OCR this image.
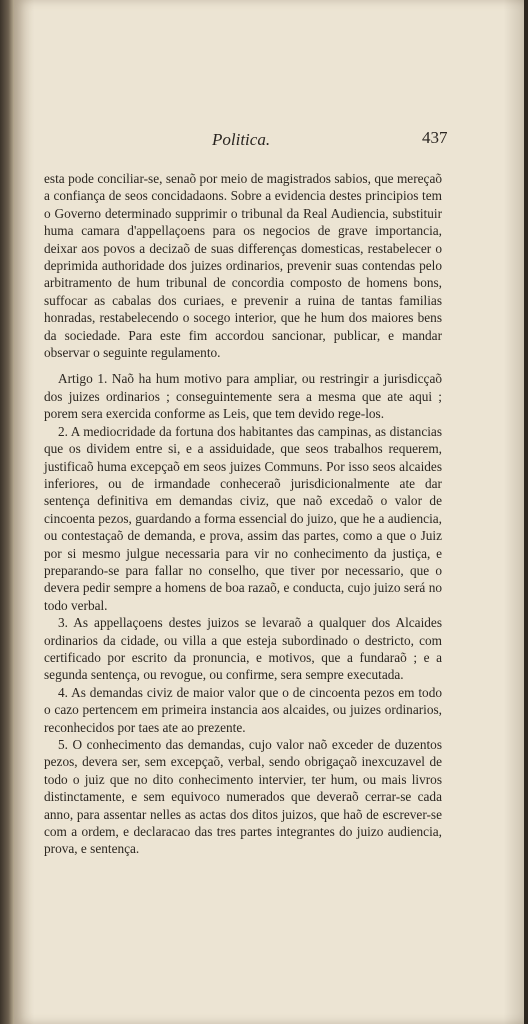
Politica.	437

esta pode conciliar-se, senaõ por meio de magistrados sabios, que mereçaõ a confiança de seos concidadaons. Sobre a evidencia destes principios tem o Governo determinado supprimir o tribunal da Real Audiencia, substituir huma camara d'appellaçoens para os negocios de grave importancia, deixar aos povos a decizaõ de suas differenças domesticas, restabelecer o deprimida authoridade dos juizes ordinarios, prevenir suas contendas pelo arbitramento de hum tribunal de concordia composto de homens bons, suffocar as cabalas dos curiaes, e prevenir a ruina de tantas familias honradas, restabelecendo o socego interior, que he hum dos maiores bens da sociedade. Para este fim accordou sancionar, publicar, e mandar observar o seguinte regulamento.

Artigo 1. Naõ ha hum motivo para ampliar, ou restringir a jurisdicçaõ dos juizes ordinarios ; conseguintemente sera a mesma que ate aqui ; porem sera exercida conforme as Leis, que tem devido rege-los.

2. A mediocridade da fortuna dos habitantes das campinas, as distancias que os dividem entre si, e a assiduidade, que seos trabalhos requerem, justificaõ huma excepçaõ em seos juizes Communs. Por isso seos alcaides inferiores, ou de irmandade conheceraõ jurisdicionalmente ate dar sentença definitiva em demandas civiz, que naõ excedaõ o valor de cincoenta pezos, guardando a forma essencial do juizo, que he a audiencia, ou contestaçaõ de demanda, e prova, assim das partes, como a que o Juiz por si mesmo julgue necessaria para vir no conhecimento da justiça, e preparando-se para fallar no conselho, que tiver por necessario, que o devera pedir sempre a homens de boa razaõ, e conducta, cujo juizo será no todo verbal.

3. As appellaçoens destes juizos se levaraõ a qualquer dos Alcaides ordinarios da cidade, ou villa a que esteja subordinado o destricto, com certificado por escrito da pronuncia, e motivos, que a fundaraõ ; e a segunda sentença, ou revogue, ou confirme, sera sempre executada.

4. As demandas civiz de maior valor que o de cincoenta pezos em todo o cazo pertencem em primeira instancia aos alcaides, ou juizes ordinarios, reconhecidos por taes ate ao prezente.

5. O conhecimento das demandas, cujo valor naõ exceder de duzentos pezos, devera ser, sem excepçaõ, verbal, sendo obrigaçaõ inexcuzavel de todo o juiz que no dito conhecimento intervier, ter hum, ou mais livros distinctamente, e sem equivoco numerados que deveraõ cerrar-se cada anno, para assentar nelles as actas dos ditos juizos, que haõ de escrever-se com a ordem, e declaracao das tres partes integrantes do juizo audiencia, prova, e sentença.
